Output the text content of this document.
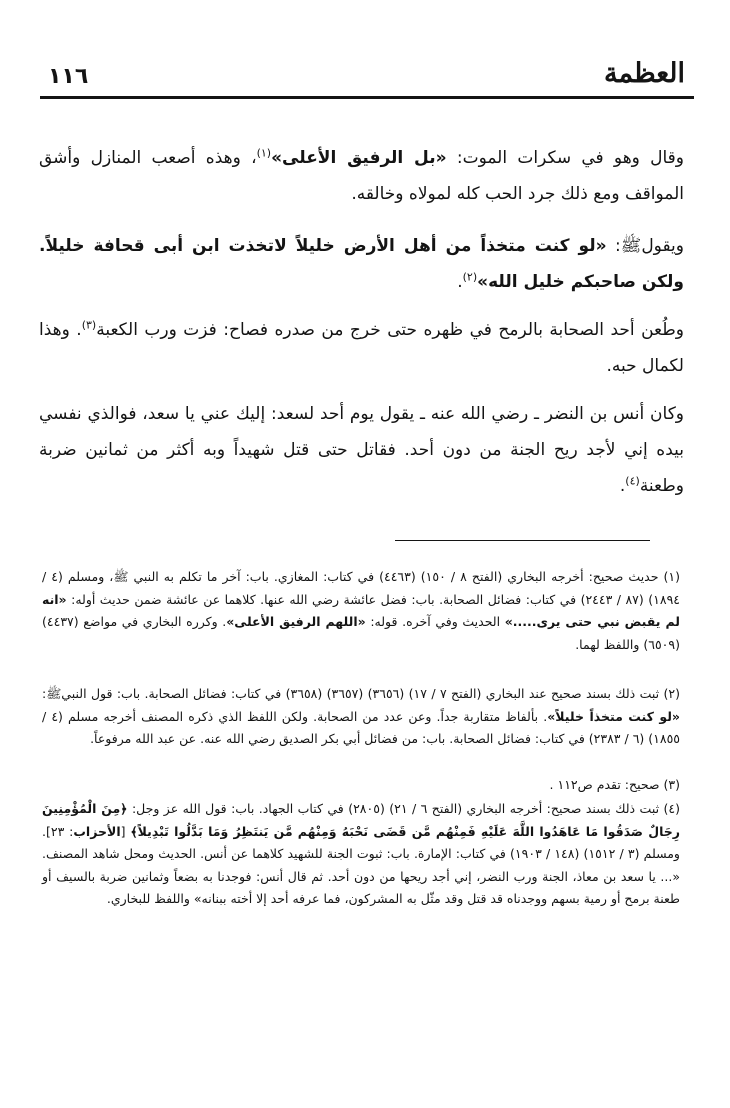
العظمة
١١٦
وقال وهو في سكرات الموت: «بل الرفيق الأعلى»$^{(١)}$، وهذه أصعب المنازل وأشق المواقف ومع ذلك جرد الحب كله لمولاه وخالقه.
ويقولﷺ: «لو كنت متخذاً من أهل الأرض خليلاً لاتخذت ابن أبى قحافة خليلاً. ولكن صاحبكم خليل الله»$^{(٢)}$.
وطُعن أحد الصحابة بالرمح في ظهره حتى خرج من صدره فصاح: فزت ورب الكعبة$^{(٣)}$. وهذا لكمال حبه.
وكان أنس بن النضر ـ رضي الله عنه ـ يقول يوم أحد لسعد: إليك عني يا سعد، فوالذي نفسي بيده إني لأجد ريح الجنة من دون أحد. فقاتل حتى قتل شهيداً وبه أكثر من ثمانين ضربة وطعنة$^{(٤)}$.
(١) حديث صحيح: أخرجه البخاري (الفتح ٨ / ١٥٠) (٤٤٦٣) في كتاب: المغازي. باب: آخر ما تكلم به النبي ﷺ، ومسلم (٤ / ١٨٩٤) (٨٧ / ٢٤٤٣) في كتاب: فضائل الصحابة. باب: فضل عائشة رضي الله عنها. كلاهما عن عائشة ضمن حديث أوله: «انه لم يقبض نبي حتى يرى.....» الحديث وفي آخره. قوله: «اللهم الرفيق الأعلى». وكرره البخاري في مواضع (٤٤٣٧) (٦٥٠٩) واللفظ لهما.
(٢) ثبت ذلك بسند صحيح عند البخاري (الفتح ٧ / ١٧) (٣٦٥٦) (٣٦٥٧) (٣٦٥٨) في كتاب: فضائل الصحابة. باب: قول النبيﷺ: «لو كنت متخذاً خليلاً». بألفاظ متقاربة جداً. وعن عدد من الصحابة. ولكن اللفظ الذي ذكره المصنف أخرجه مسلم (٤ / ١٨٥٥) (٦ / ٢٣٨٣) في كتاب: فضائل الصحابة. باب: من فضائل أبي بكر الصديق رضي الله عنه. عن عبد الله مرفوعاً.
(٣) صحيح: تقدم ص١١٢ .
(٤) ثبت ذلك بسند صحيح: أخرجه البخاري (الفتح ٦ / ٢١) (٢٨٠٥) في كتاب الجهاد. باب: قول الله عز وجل: ﴿مِنَ الْمُؤْمِنِينَ رِجَالٌ صَدَقُوا مَا عَاهَدُوا اللَّهَ عَلَيْهِ فَمِنْهُم مَّن قَضَى نَحْبَهُ وَمِنْهُم مَّن يَنتَظِرُ وَمَا بَدَّلُوا تَبْدِيلاً﴾ [الأحزاب: ٢٣]. ومسلم (٣ / ١٥١٢) (١٤٨ / ١٩٠٣) في كتاب: الإمارة. باب: ثبوت الجنة للشهيد كلاهما عن أنس. الحديث ومحل شاهد المصنف. «... يا سعد بن معاذ، الجنة ورب النضر، إني أجد ريحها من دون أحد. ثم قال أنس: فوجدنا به بضعاً وثمانين ضربة بالسيف أو طعنة برمح أو رمية بسهم ووجدناه قد قتل وقد مثّل به المشركون، فما عرفه أحد إلا أخته ببنانه» واللفظ للبخاري.
